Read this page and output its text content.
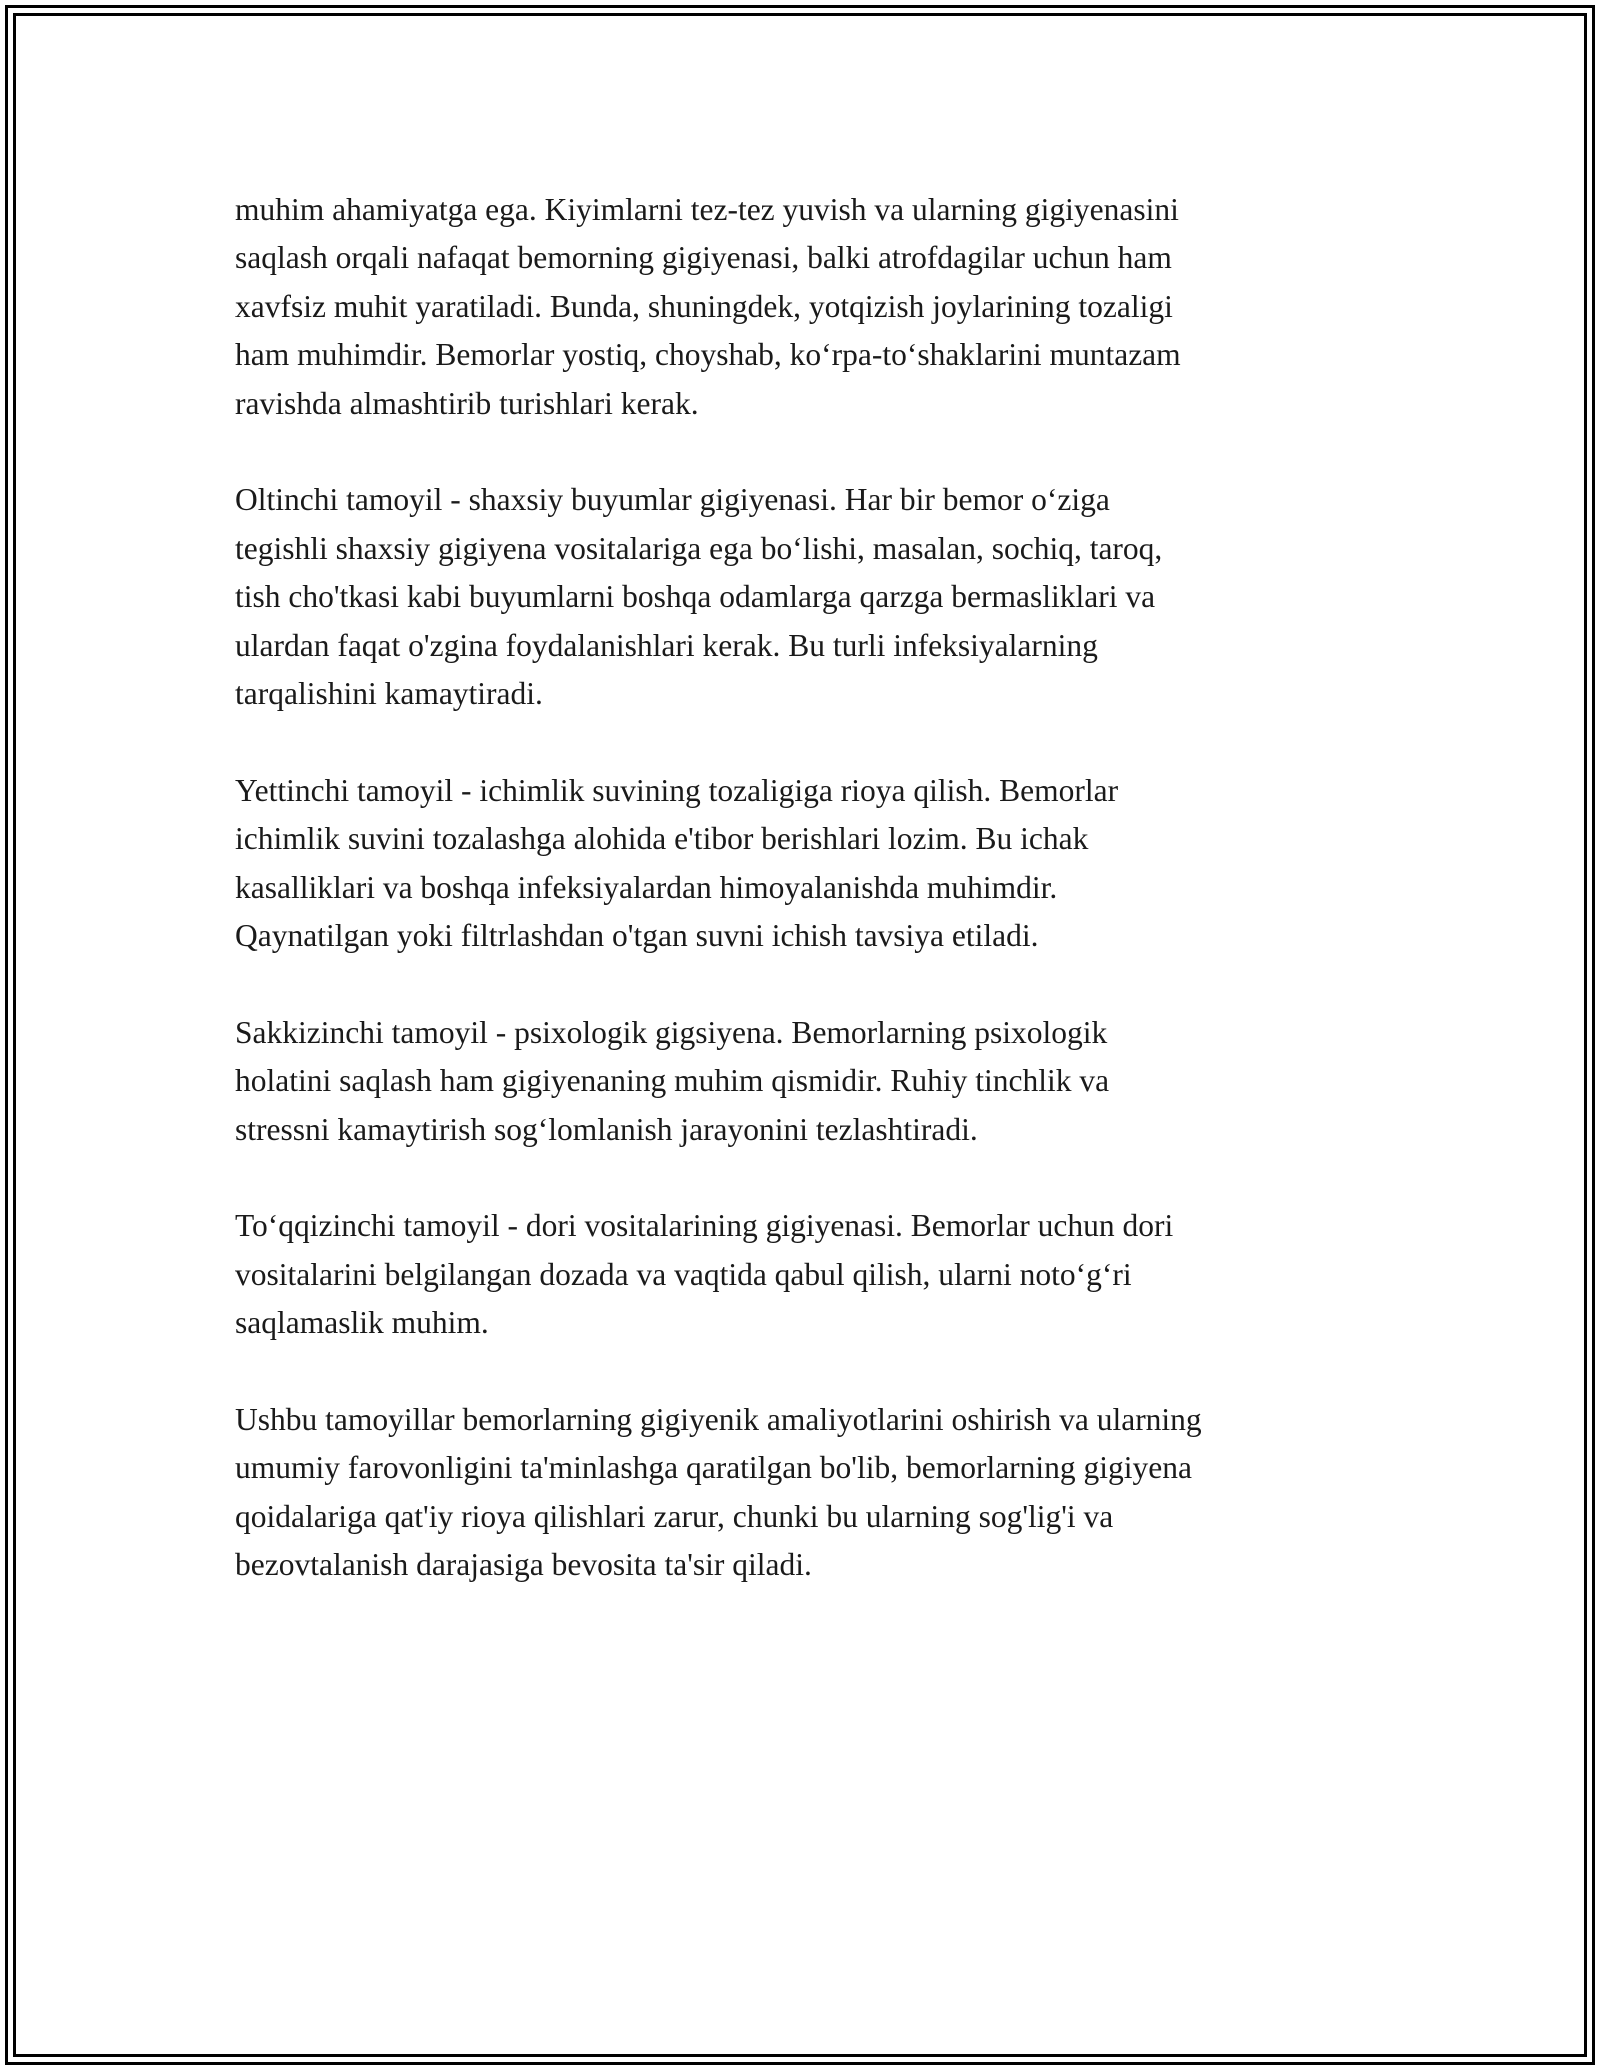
muhim ahamiyatga ega. Kiyimlarni tez-tez yuvish va ularning gigiyenasini
saqlash orqali nafaqat bemorning gigiyenasi, balki atrofdagilar uchun ham
xavfsiz muhit yaratiladi. Bunda, shuningdek, yotqizish joylarining tozaligi
ham muhimdir. Bemorlar yostiq, choyshab, ko‘rpa-to‘shaklarini muntazam
ravishda almashtirib turishlari kerak.

Oltinchi tamoyil - shaxsiy buyumlar gigiyenasi. Har bir bemor o‘ziga
tegishli shaxsiy gigiyena vositalariga ega bo‘lishi, masalan, sochiq, taroq,
tish cho'tkasi kabi buyumlarni boshqa odamlarga qarzga bermasliklari va
ulardan faqat o'zgina foydalanishlari kerak. Bu turli infeksiyalarning
tarqalishini kamaytiradi.

Yettinchi tamoyil - ichimlik suvining tozaligiga rioya qilish. Bemorlar
ichimlik suvini tozalashga alohida e'tibor berishlari lozim. Bu ichak
kasalliklari va boshqa infeksiyalardan himoyalanishda muhimdir.
Qaynatilgan yoki filtrlashdan o'tgan suvni ichish tavsiya etiladi.

Sakkizinchi tamoyil - psixologik gigsiyena. Bemorlarning psixologik
holatini saqlash ham gigiyenaning muhim qismidir. Ruhiy tinchlik va
stressni kamaytirish sog‘lomlanish jarayonini tezlashtiradi.

To‘qqizinchi tamoyil - dori vositalarining gigiyenasi. Bemorlar uchun dori
vositalarini belgilangan dozada va vaqtida qabul qilish, ularni noto‘g‘ri
saqlamaslik muhim.

Ushbu tamoyillar bemorlarning gigiyenik amaliyotlarini oshirish va ularning
umumiy farovonligini ta'minlashga qaratilgan bo'lib, bemorlarning gigiyena
qoidalariga qat'iy rioya qilishlari zarur, chunki bu ularning sog'lig'i va
bezovtalanish darajasiga bevosita ta'sir qiladi.
